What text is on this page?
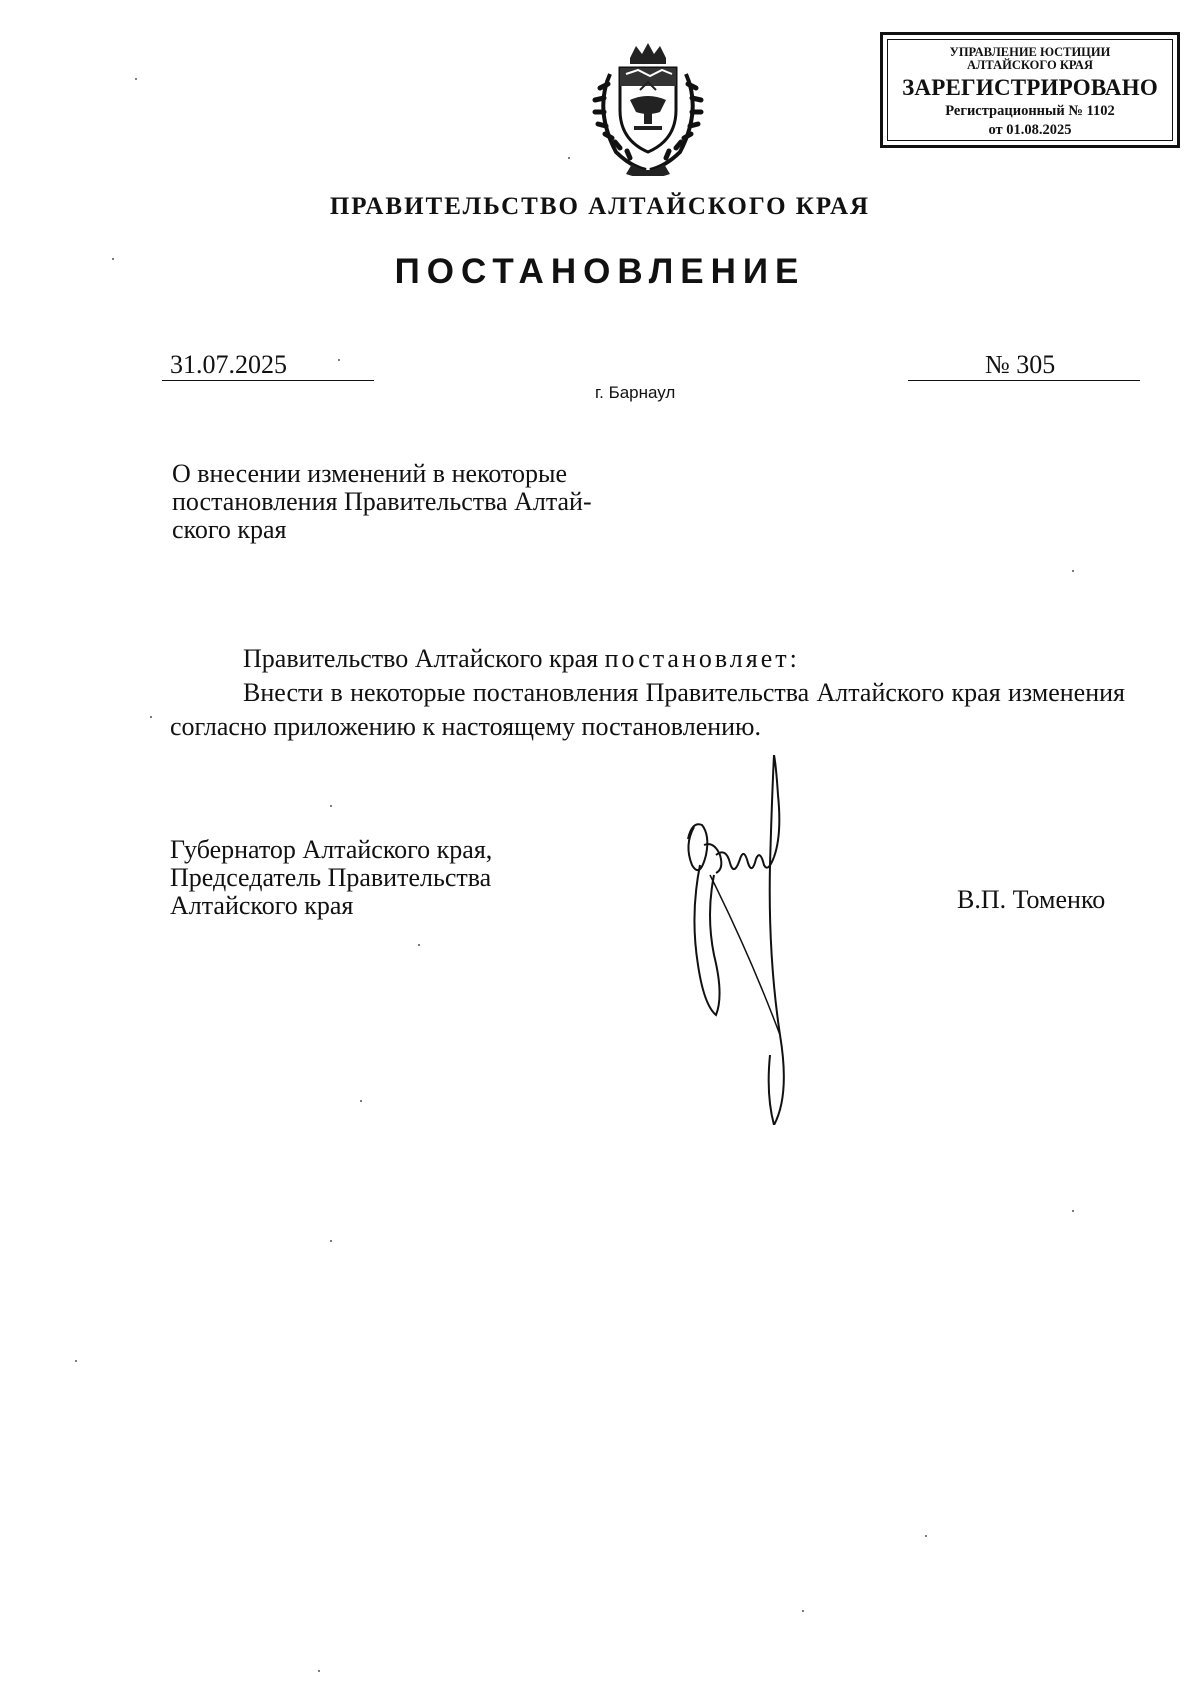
УПРАВЛЕНИЕ ЮСТИЦИИ
АЛТАЙСКОГО КРАЯ
ЗАРЕГИСТРИРОВАНО
Регистрационный № 1102
от 01.08.2025
ПРАВИТЕЛЬСТВО АЛТАЙСКОГО КРАЯ
ПОСТАНОВЛЕНИЕ
31.07.2025	№ 305
г. Барнаул
О внесении изменений в некоторые
постановления Правительства Алтай-
ского края
Правительство Алтайского края постановляет:
Внести в некоторые постановления Правительства Алтайского края изменения согласно приложению к настоящему постановлению.
Губернатор Алтайского края,
Председатель Правительства
Алтайского края	В.П. Томенко
